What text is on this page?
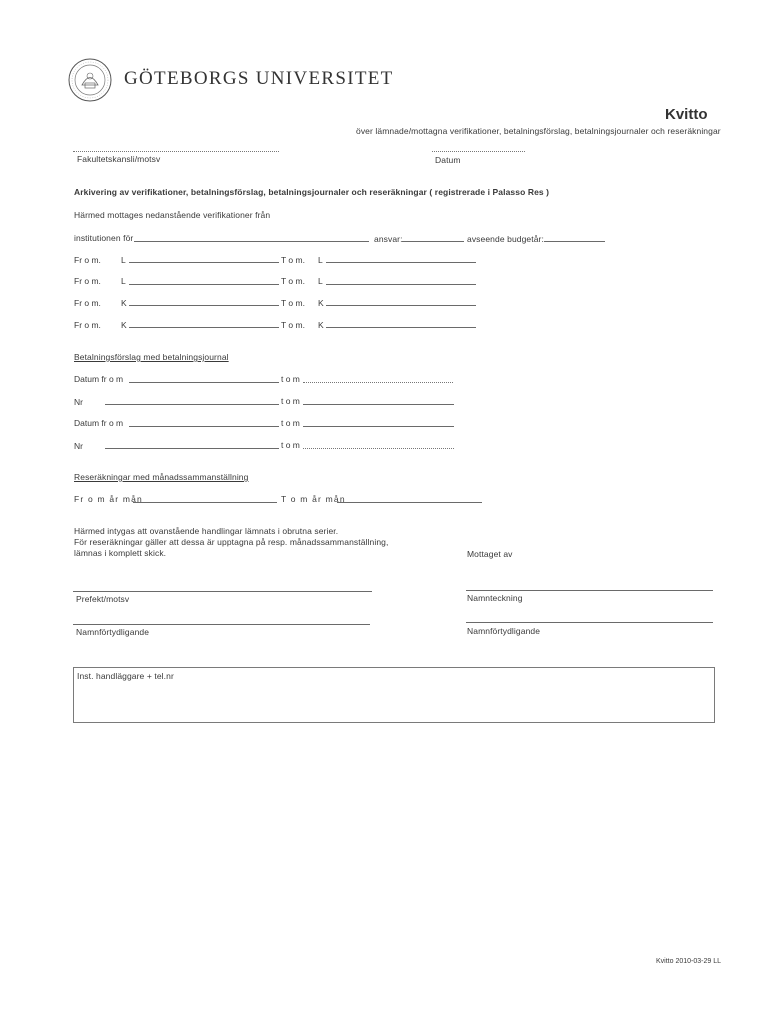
GÖTEBORGS UNIVERSITET
Kvitto
över lämnade/mottagna verifikationer, betalningsförslag, betalningsjournaler och reseräkningar
Fakultetskansli/motsv	Datum
Arkivering av verifikationer, betalningsförslag, betalningsjournaler och reseräkningar ( registrerade i Palasso Res )
Härmed mottages nedanstående verifikationer från
institutionen för	ansvar:	avseende budgetår:
Fr o m. L	T o m. L
Fr o m. L	T o m. L
Fr o m. K	T o m. K
Fr o m. K	T o m. K
Betalningsförslag med betalningsjournal
Datum fr o m	t o m
Nr	t o m
Datum fr o m	t o m
Nr	t o m
Reseräkningar med månadssammanställning
Fr o m år mån	T o m år mån
Härmed intygas att ovanstående handlingar lämnats i obrutna serier.
För reseräkningar gäller att dessa är upptagna på resp. månadssammanställning,
lämnas i komplett skick.	Mottaget av
Prefekt/motsv	Namnteckning
Namnförtydligande	Namnförtydligande
Inst. handläggare + tel.nr
Kvitto 2010-03-29 LL
